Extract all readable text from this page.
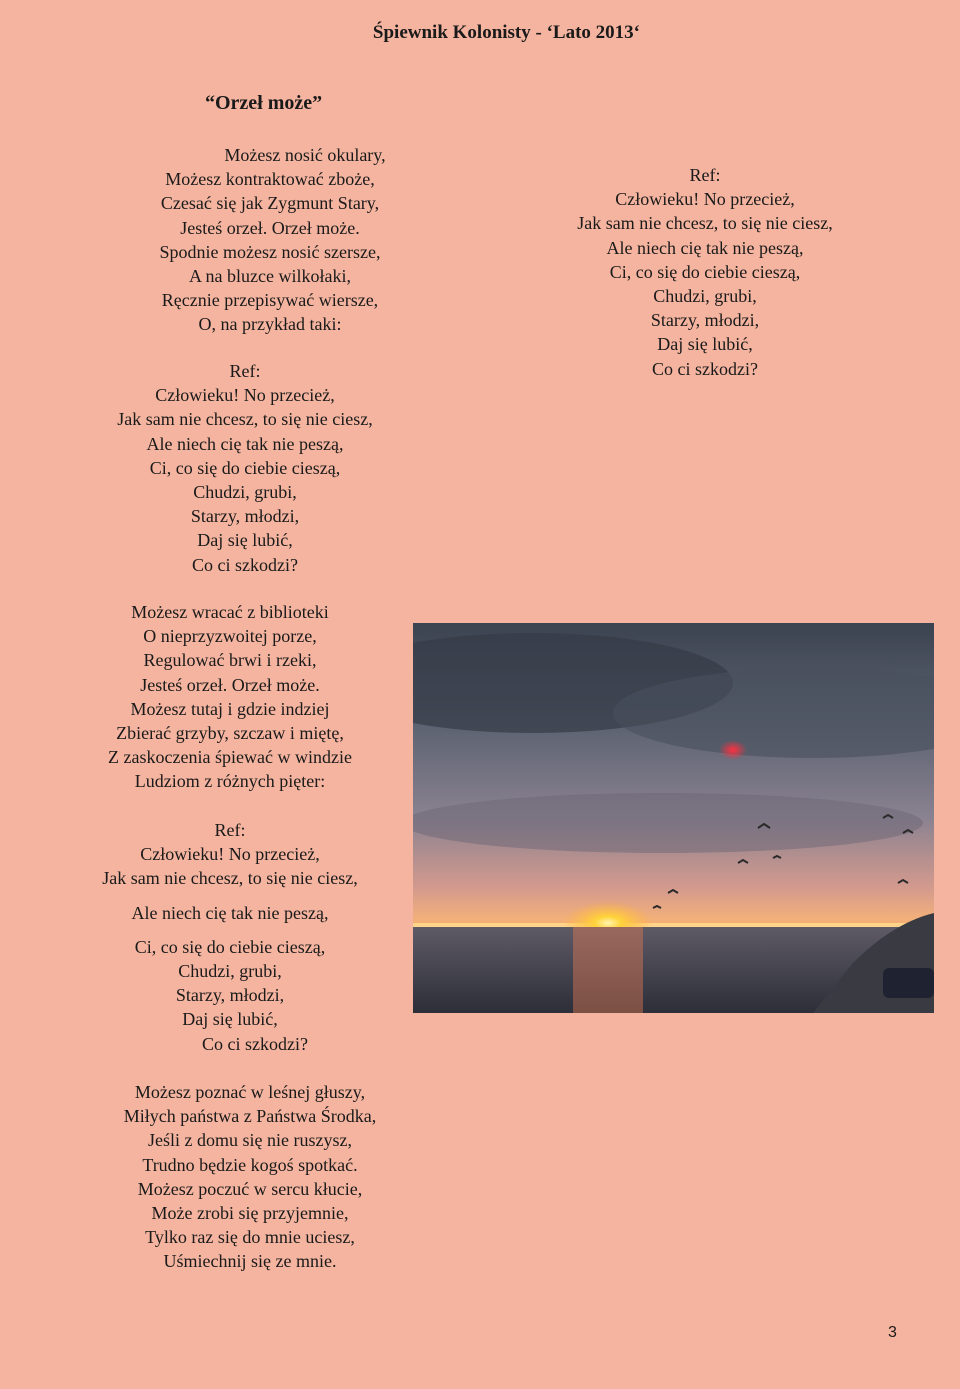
Śpiewnik Kolonisty - ‘Lato 2013‘
“Orzeł może”
Możesz nosić okulary,
Możesz kontraktować zboże,
Czesać się jak Zygmunt Stary,
Jesteś orzeł. Orzeł może.
Spodnie możesz nosić szersze,
A na bluzce wilkołaki,
Ręcznie przepisywać wiersze,
O, na przykład taki:
Ref:
Człowieku! No przecież,
Jak sam nie chcesz, to się nie ciesz,
Ale niech cię tak nie peszą,
Ci, co się do ciebie cieszą,
Chudzi, grubi,
Starzy, młodzi,
Daj się lubić,
Co ci szkodzi?
Możesz wracać z biblioteki
O nieprzyzwoitej porze,
Regulować brwi i rzeki,
Jesteś orzeł. Orzeł może.
Możesz tutaj i gdzie indziej
Zbierać grzyby, szczaw i miętę,
Z zaskoczenia śpiewać w windzie
Ludziom z różnych pięter:
Ref:
Człowieku! No przecież,
Jak sam nie chcesz, to się nie ciesz,
Ale niech cię tak nie peszą,
Ci, co się do ciebie cieszą,
Chudzi, grubi,
Starzy, młodzi,
Daj się lubić,
Co ci szkodzi?
Możesz poznać w leśnej głuszy,
Miłych państwa z Państwa Środka,
Jeśli z domu się nie ruszysz,
Trudno będzie kogoś spotkać.
Możesz poczuć w sercu kłucie,
Może zrobi się przyjemnie,
Tylko raz się do mnie uciesz,
Uśmiechnij się ze mnie.
Ref:
Człowieku! No przecież,
Jak sam nie chcesz, to się nie ciesz,
Ale niech cię tak nie peszą,
Ci, co się do ciebie cieszą,
Chudzi, grubi,
Starzy, młodzi,
Daj się lubić,
Co ci szkodzi?
3
